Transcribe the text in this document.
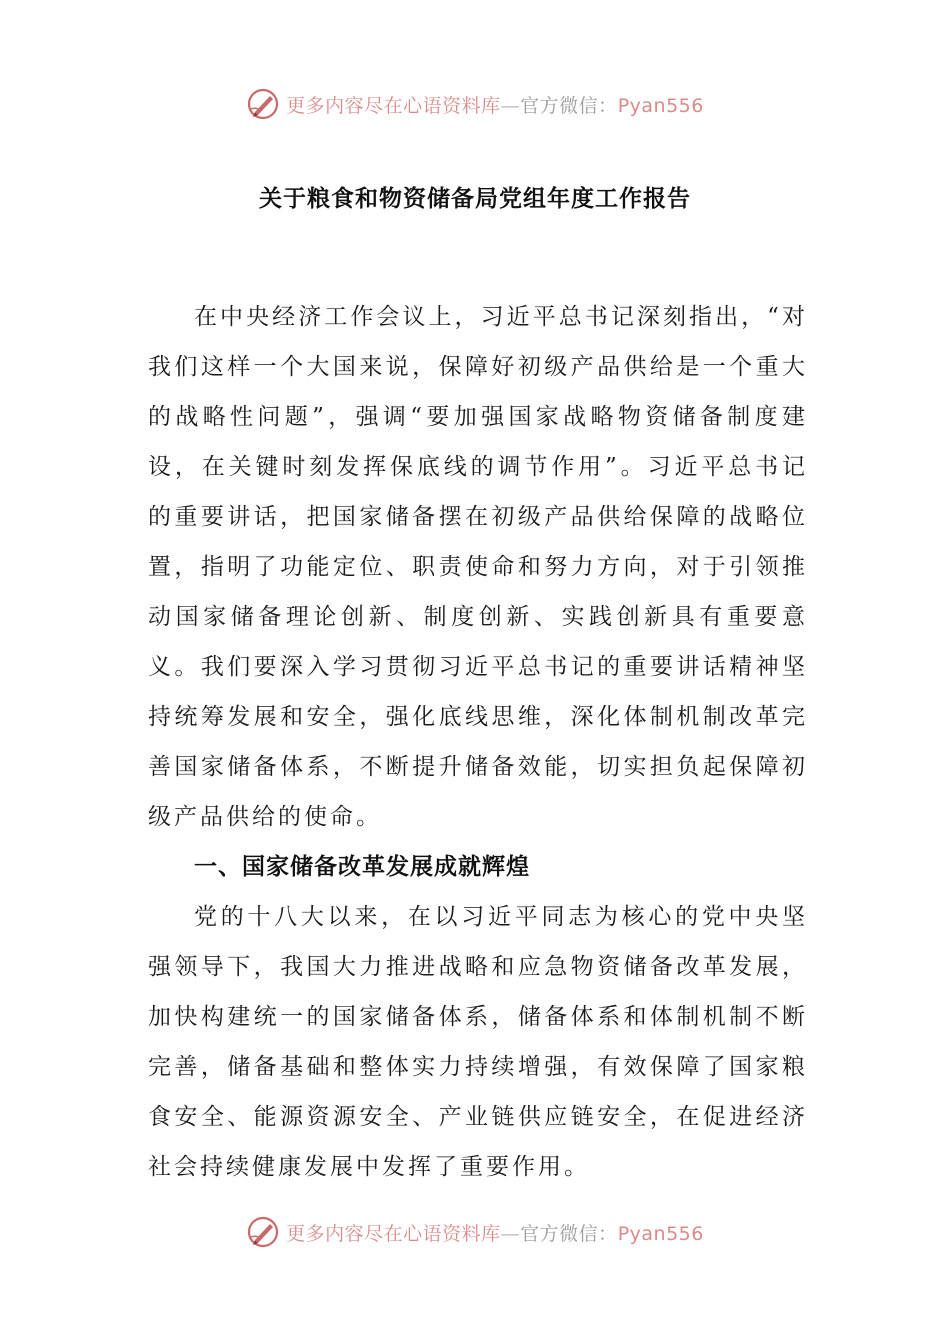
更多内容尽在心语资料库—官方微信：Pyan556
关于粮食和物资储备局党组年度工作报告

在中央经济工作会议上，习近平总书记深刻指出，“对我们这样一个大国来说，保障好初级产品供给是一个重大的战略性问题”，强调“要加强国家战略物资储备制度建设，在关键时刻发挥保底线的调节作用”。习近平总书记的重要讲话，把国家储备摆在初级产品供给保障的战略位置，指明了功能定位、职责使命和努力方向，对于引领推动国家储备理论创新、制度创新、实践创新具有重要意义。我们要深入学习贯彻习近平总书记的重要讲话精神坚持统筹发展和安全，强化底线思维，深化体制机制改革完善国家储备体系，不断提升储备效能，切实担负起保障初级产品供给的使命。

一、国家储备改革发展成就辉煌

党的十八大以来，在以习近平同志为核心的党中央坚强领导下，我国大力推进战略和应急物资储备改革发展，加快构建统一的国家储备体系，储备体系和体制机制不断完善，储备基础和整体实力持续增强，有效保障了国家粮食安全、能源资源安全、产业链供应链安全，在促进经济社会持续健康发展中发挥了重要作用。

更多内容尽在心语资料库—官方微信：Pyan556
